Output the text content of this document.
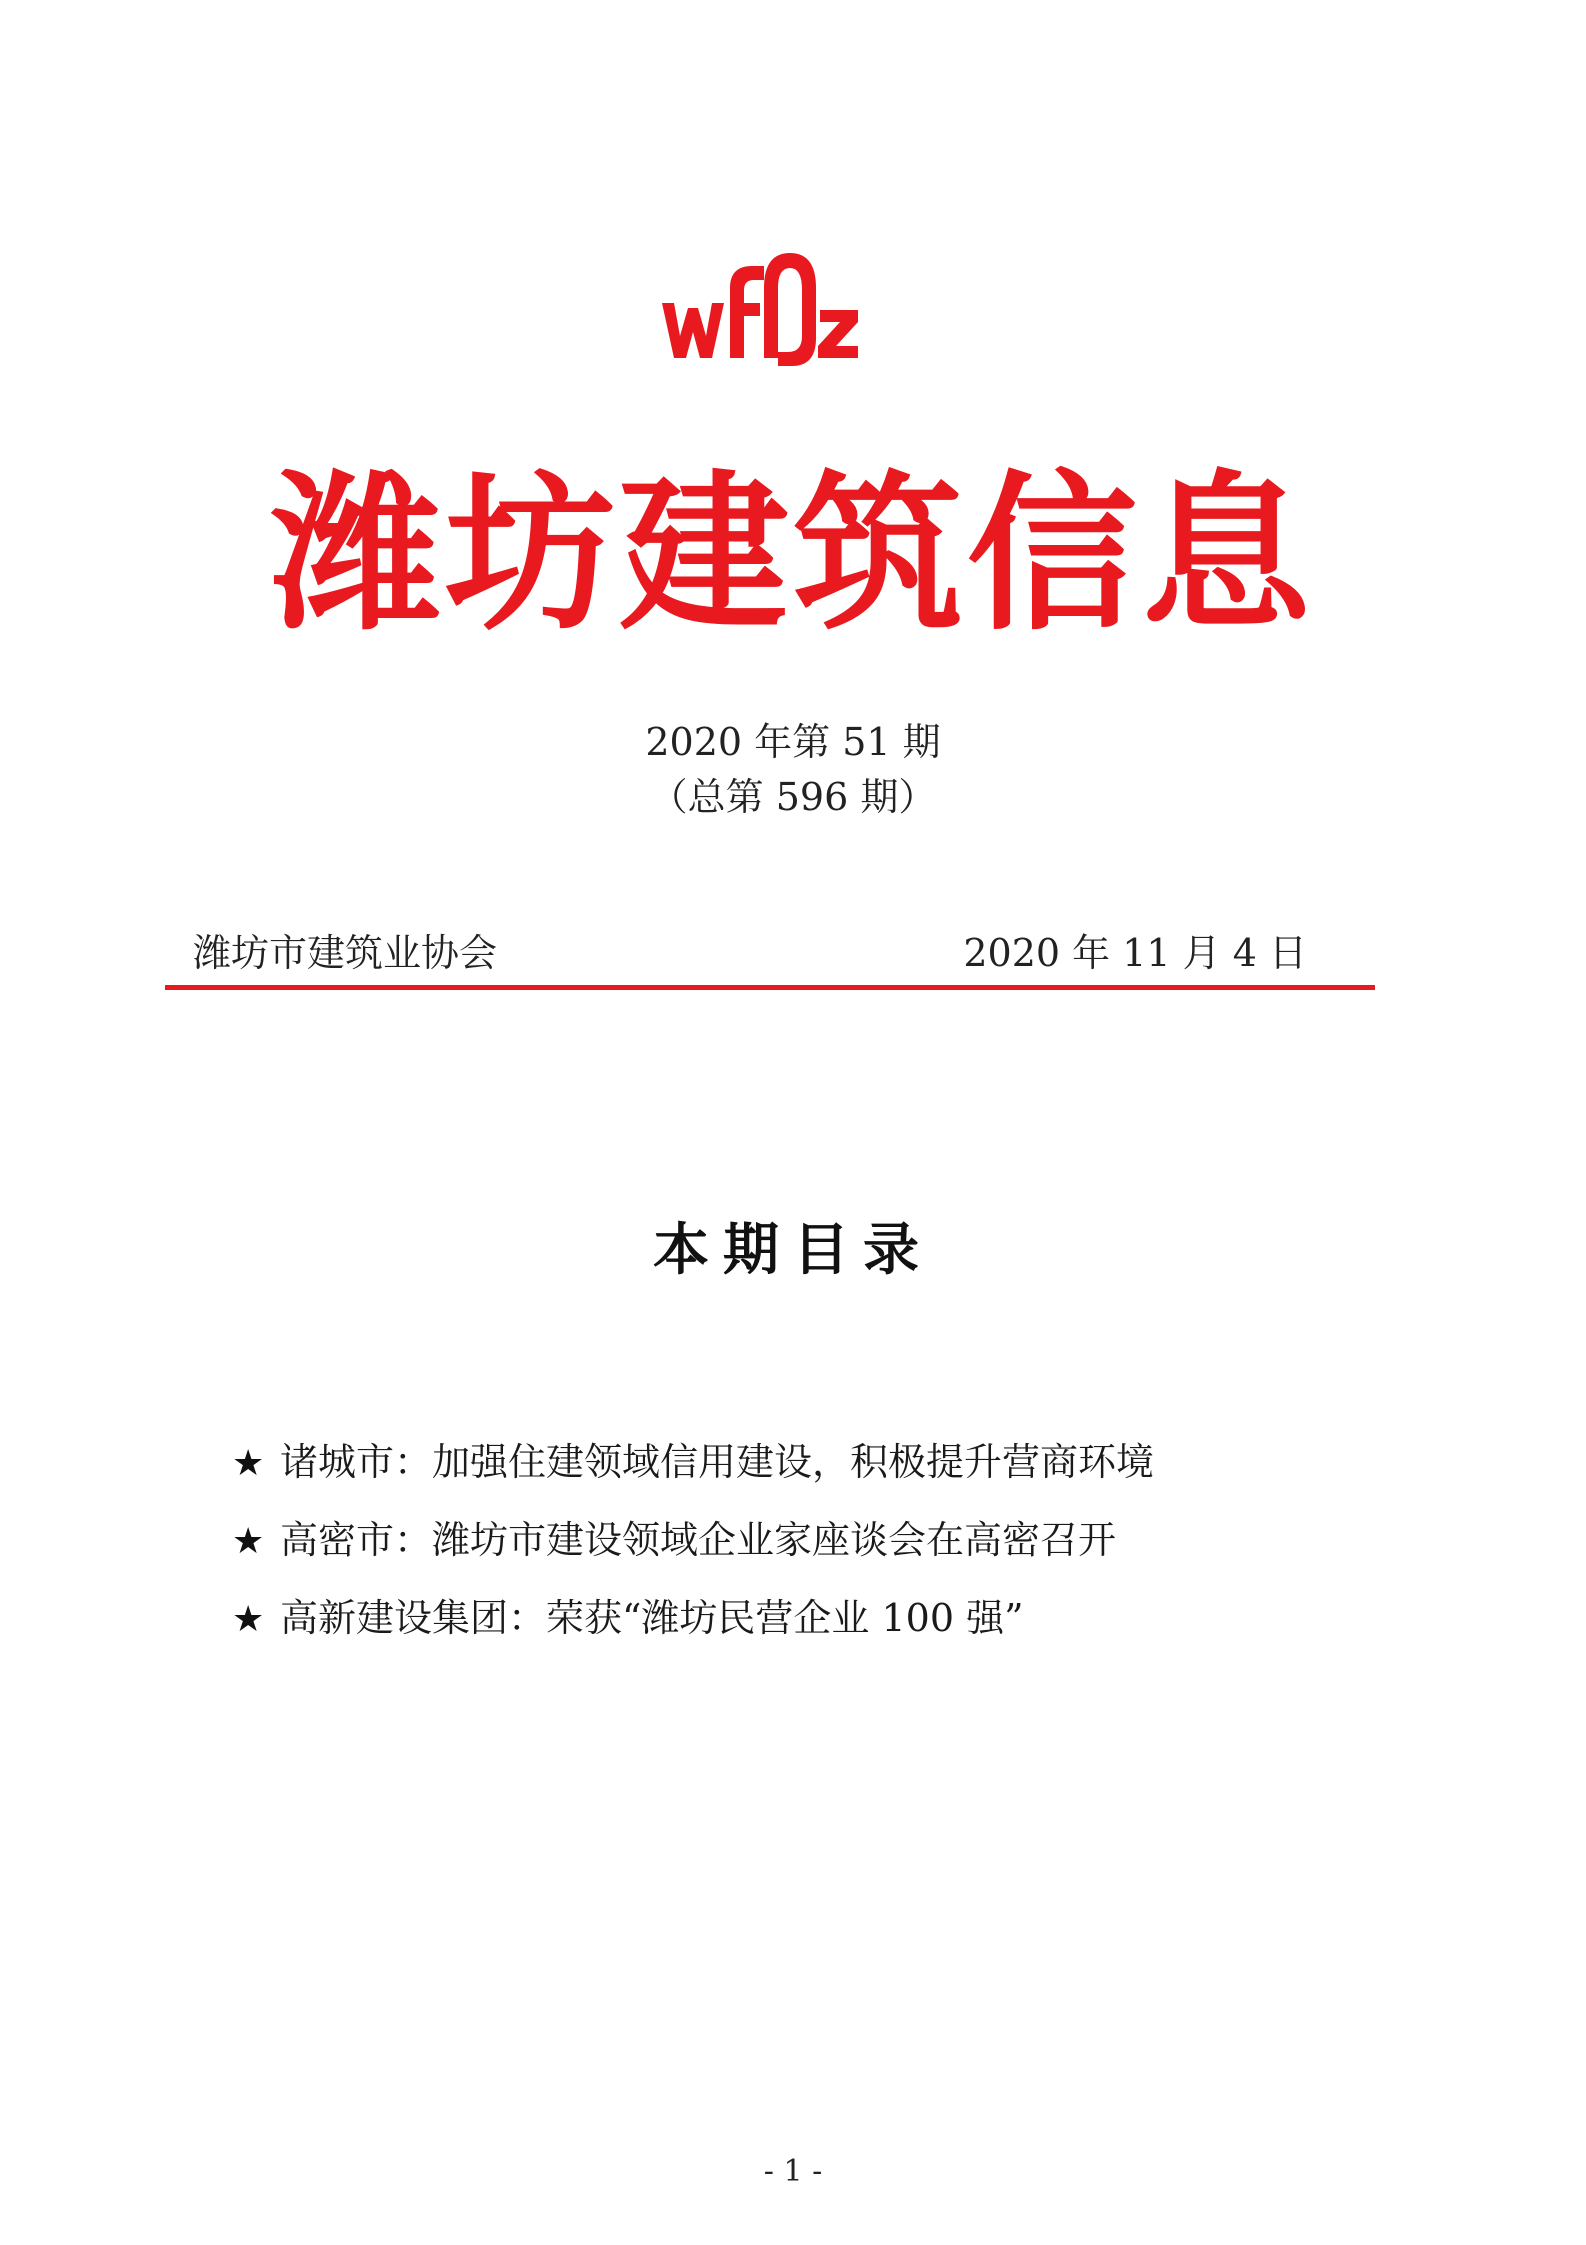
潍坊建筑信息
2020 年第 51 期
（总第 596 期）
潍坊市建筑业协会	2020 年 11 月 4 日
本期目录
★ 诸城市：加强住建领域信用建设，积极提升营商环境
★ 高密市：潍坊市建设领域企业家座谈会在高密召开
★ 高新建设集团：荣获“潍坊民营企业 100 强”
- 1 -
